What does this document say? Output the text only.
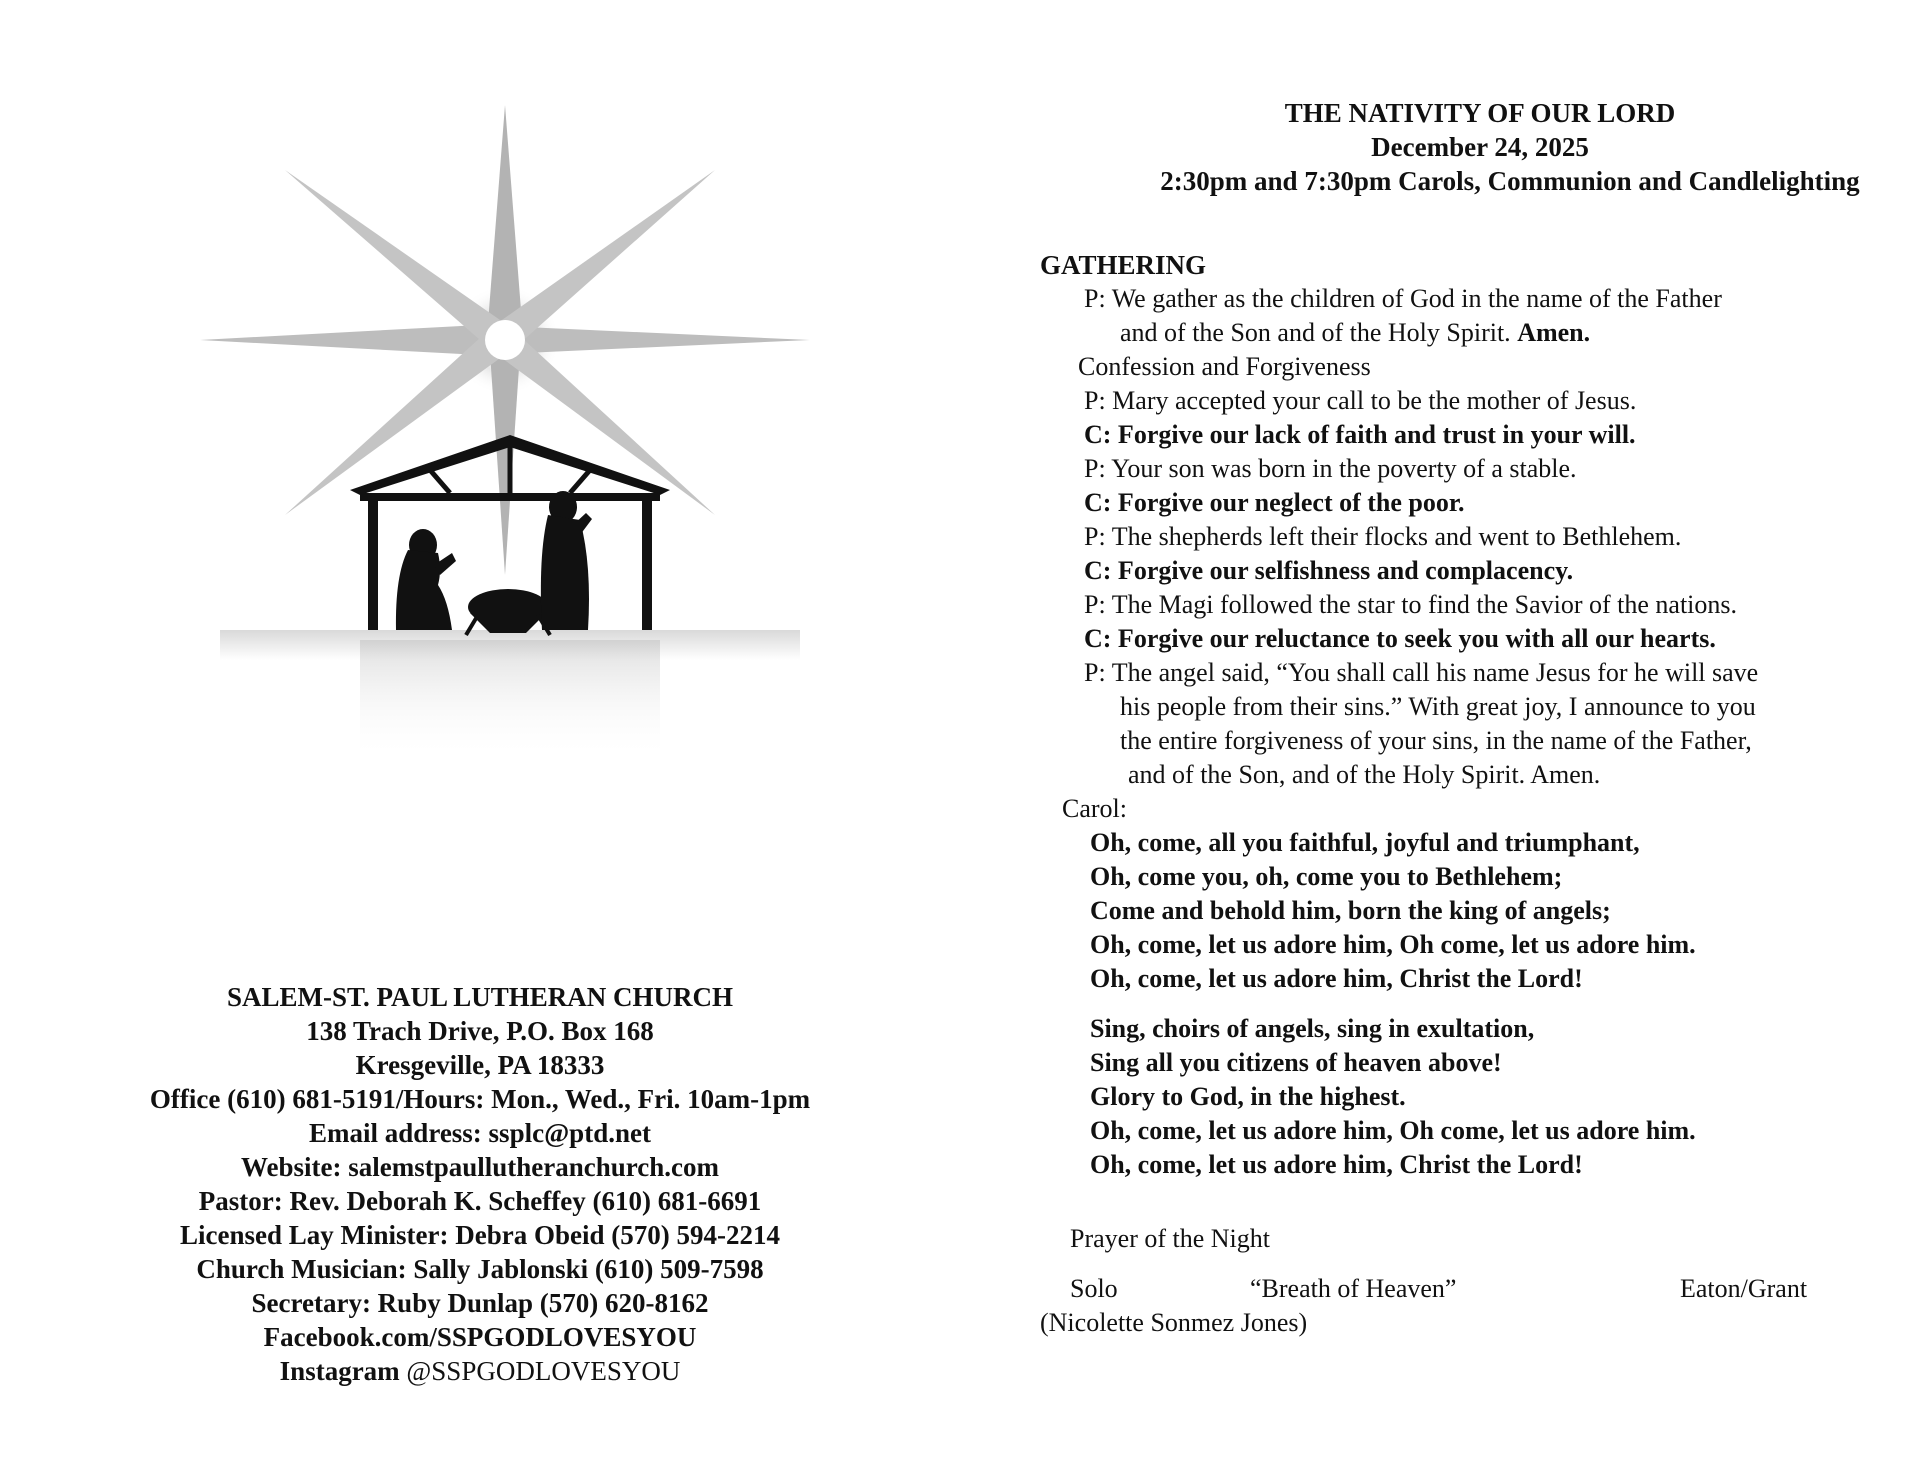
SALEM-ST. PAUL LUTHERAN CHURCH
138 Trach Drive, P.O. Box 168
Kresgeville, PA 18333
Office (610) 681-5191/Hours: Mon., Wed., Fri. 10am-1pm
Email address: ssplc@ptd.net
Website: salemstpaullutheranchurch.com
Pastor: Rev. Deborah K. Scheffey (610) 681-6691
Licensed Lay Minister: Debra Obeid (570) 594-2214
Church Musician: Sally Jablonski (610) 509-7598
Secretary: Ruby Dunlap (570) 620-8162
Facebook.com/SSPGODLOVESYOU
Instagram @SSPGODLOVESYOU
THE NATIVITY OF OUR LORD
December 24, 2025
2:30pm and 7:30pm Carols, Communion and Candlelighting
GATHERING
P: We gather as the children of God in the name of the Father
and of the Son and of the Holy Spirit. Amen.
Confession and Forgiveness
P: Mary accepted your call to be the mother of Jesus.
C: Forgive our lack of faith and trust in your will.
P: Your son was born in the poverty of a stable.
C: Forgive our neglect of the poor.
P: The shepherds left their flocks and went to Bethlehem.
C: Forgive our selfishness and complacency.
P: The Magi followed the star to find the Savior of the nations.
C: Forgive our reluctance to seek you with all our hearts.
P: The angel said, “You shall call his name Jesus for he will save
his people from their sins.” With great joy, I announce to you
the entire forgiveness of your sins, in the name of the Father,
and of the Son, and of the Holy Spirit. Amen.
Carol:
Oh, come, all you faithful, joyful and triumphant,
Oh, come you, oh, come you to Bethlehem;
Come and behold him, born the king of angels;
Oh, come, let us adore him, Oh come, let us adore him.
Oh, come, let us adore him, Christ the Lord!
Sing, choirs of angels, sing in exultation,
Sing all you citizens of heaven above!
Glory to God, in the highest.
Oh, come, let us adore him, Oh come, let us adore him.
Oh, come, let us adore him, Christ the Lord!
Prayer of the Night
Solo	“Breath of Heaven”	Eaton/Grant
(Nicolette Sonmez Jones)
